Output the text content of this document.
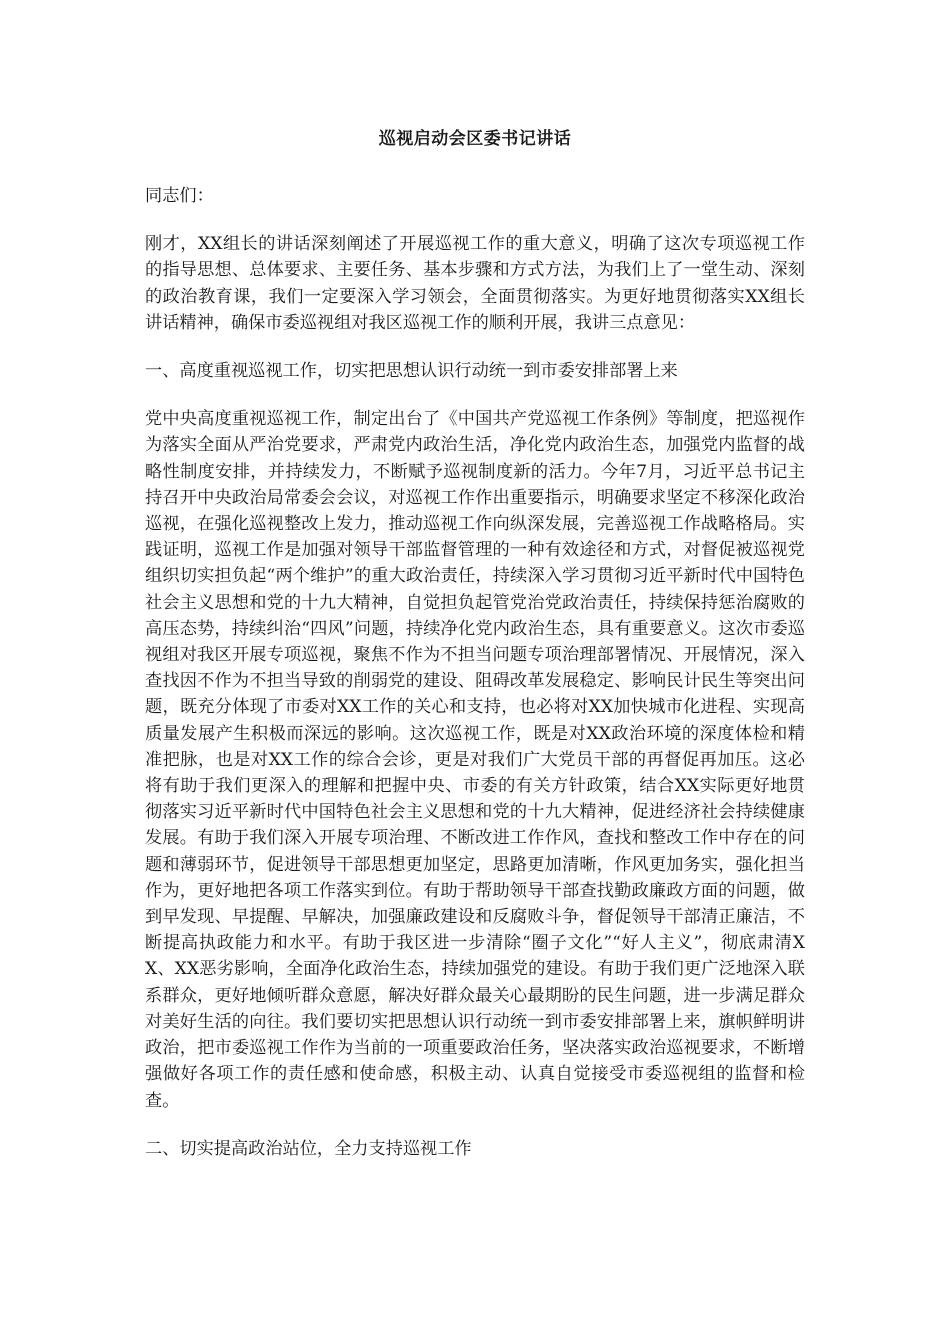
巡视启动会区委书记讲话

同志们：

刚才，XX组长的讲话深刻阐述了开展巡视工作的重大意义，明确了这次专项巡视工作的指导思想、总体要求、主要任务、基本步骤和方式方法，为我们上了一堂生动、深刻的政治教育课，我们一定要深入学习领会，全面贯彻落实。为更好地贯彻落实XX组长讲话精神，确保市委巡视组对我区巡视工作的顺利开展，我讲三点意见：

一、高度重视巡视工作，切实把思想认识行动统一到市委安排部署上来

党中央高度重视巡视工作，制定出台了《中国共产党巡视工作条例》等制度，把巡视作为落实全面从严治党要求，严肃党内政治生活，净化党内政治生态，加强党内监督的战略性制度安排，并持续发力，不断赋予巡视制度新的活力。今年7月，习近平总书记主持召开中央政治局常委会会议，对巡视工作作出重要指示，明确要求坚定不移深化政治巡视，在强化巡视整改上发力，推动巡视工作向纵深发展，完善巡视工作战略格局。实践证明，巡视工作是加强对领导干部监督管理的一种有效途径和方式，对督促被巡视党组织切实担负起“两个维护”的重大政治责任，持续深入学习贯彻习近平新时代中国特色社会主义思想和党的十九大精神，自觉担负起管党治党政治责任，持续保持惩治腐败的高压态势，持续纠治“四风”问题，持续净化党内政治生态，具有重要意义。这次市委巡视组对我区开展专项巡视，聚焦不作为不担当问题专项治理部署情况、开展情况，深入查找因不作为不担当导致的削弱党的建设、阻碍改革发展稳定、影响民计民生等突出问题，既充分体现了市委对XX工作的关心和支持，也必将对XX加快城市化进程、实现高质量发展产生积极而深远的影响。这次巡视工作，既是对XX政治环境的深度体检和精准把脉，也是对XX工作的综合会诊，更是对我们广大党员干部的再督促再加压。这必将有助于我们更深入的理解和把握中央、市委的有关方针政策，结合XX实际更好地贯彻落实习近平新时代中国特色社会主义思想和党的十九大精神，促进经济社会持续健康发展。有助于我们深入开展专项治理、不断改进工作作风，查找和整改工作中存在的问题和薄弱环节，促进领导干部思想更加坚定，思路更加清晰，作风更加务实，强化担当作为，更好地把各项工作落实到位。有助于帮助领导干部查找勤政廉政方面的问题，做到早发现、早提醒、早解决，加强廉政建设和反腐败斗争，督促领导干部清正廉洁，不断提高执政能力和水平。有助于我区进一步清除“圈子文化”“好人主义”，彻底肃清XX、XX恶劣影响，全面净化政治生态，持续加强党的建设。有助于我们更广泛地深入联系群众，更好地倾听群众意愿，解决好群众最关心最期盼的民生问题，进一步满足群众对美好生活的向往。我们要切实把思想认识行动统一到市委安排部署上来，旗帜鲜明讲政治，把市委巡视工作作为当前的一项重要政治任务，坚决落实政治巡视要求，不断增强做好各项工作的责任感和使命感，积极主动、认真自觉接受市委巡视组的监督和检查。

二、切实提高政治站位，全力支持巡视工作
